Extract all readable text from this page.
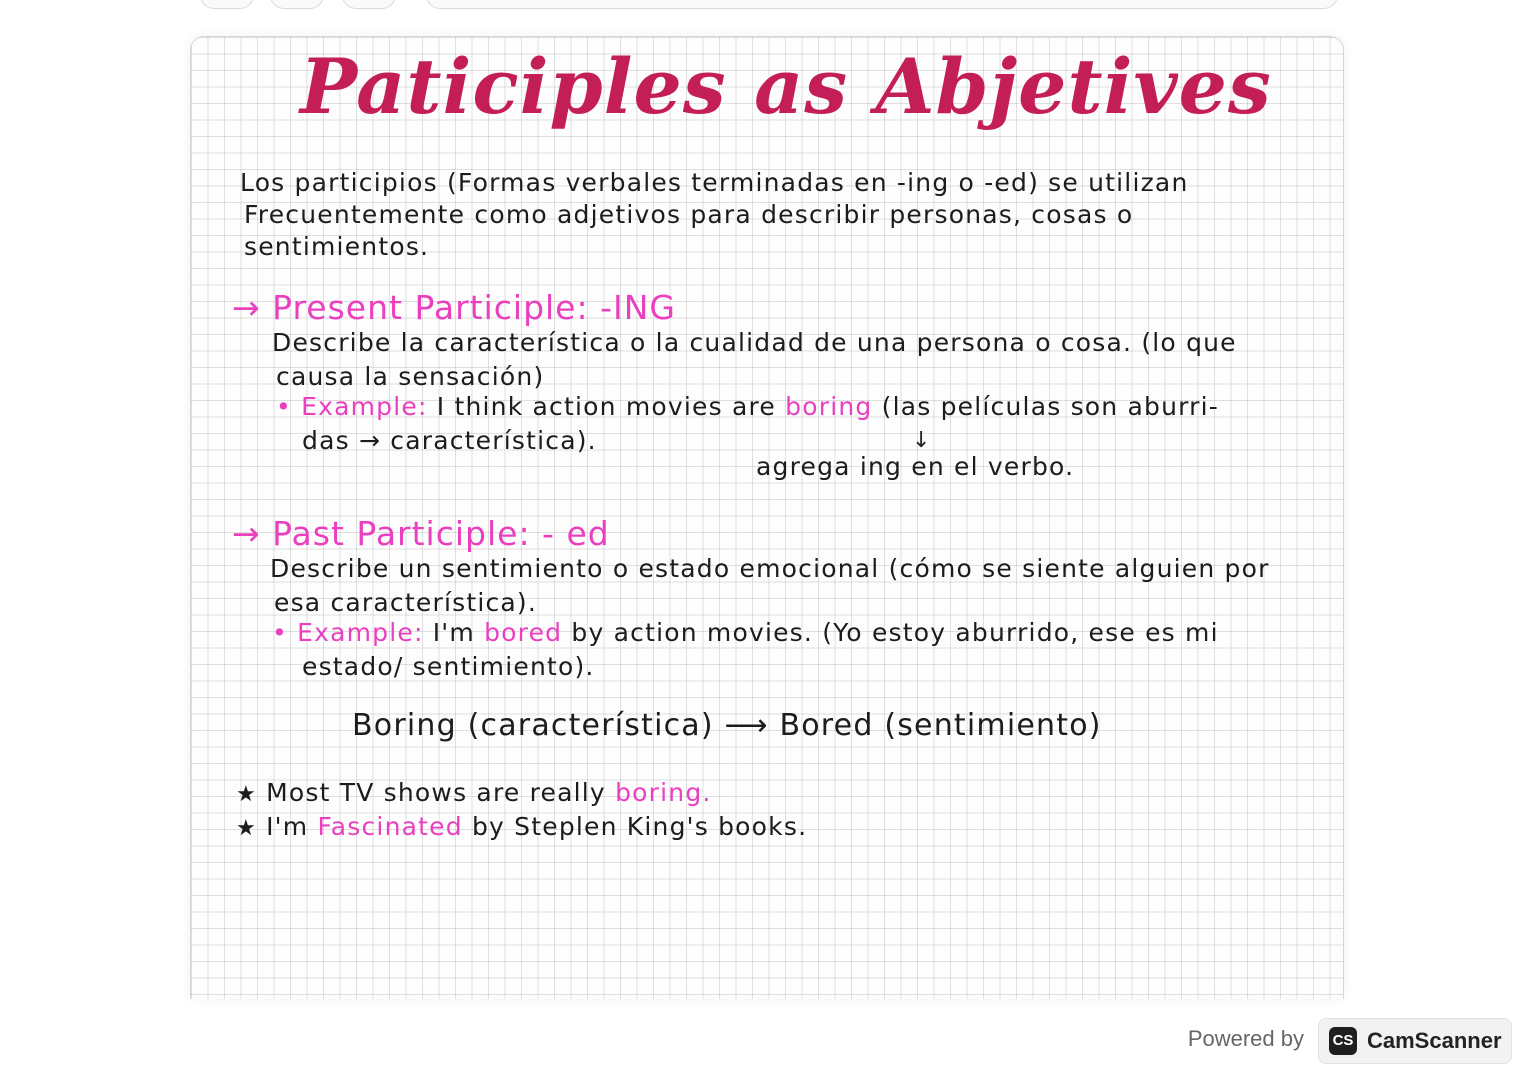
Paticiples as Abjetives
Los participios (Formas verbales terminadas en -ing o -ed) se utilizan
Frecuentemente como adjetivos para describir personas, cosas o
sentimientos.
→ Present Participle: -ING
Describe la característica o la cualidad de una persona o cosa. (lo que
causa la sensación)
• Example: I think action movies are boring (las películas son aburri-
das → característica).	↓
agrega ing en el verbo.
→ Past Participle: - ed
Describe un sentimiento o estado emocional (cómo se siente alguien por
esa característica).
• Example: I'm bored by action movies. (Yo estoy aburrido, ese es mi
estado/ sentimiento).
Boring (característica) ⟶ Bored (sentimiento)
★ Most TV shows are really boring.
★ I'm Fascinated by Steplen King's books.
Powered by CS CamScanner
